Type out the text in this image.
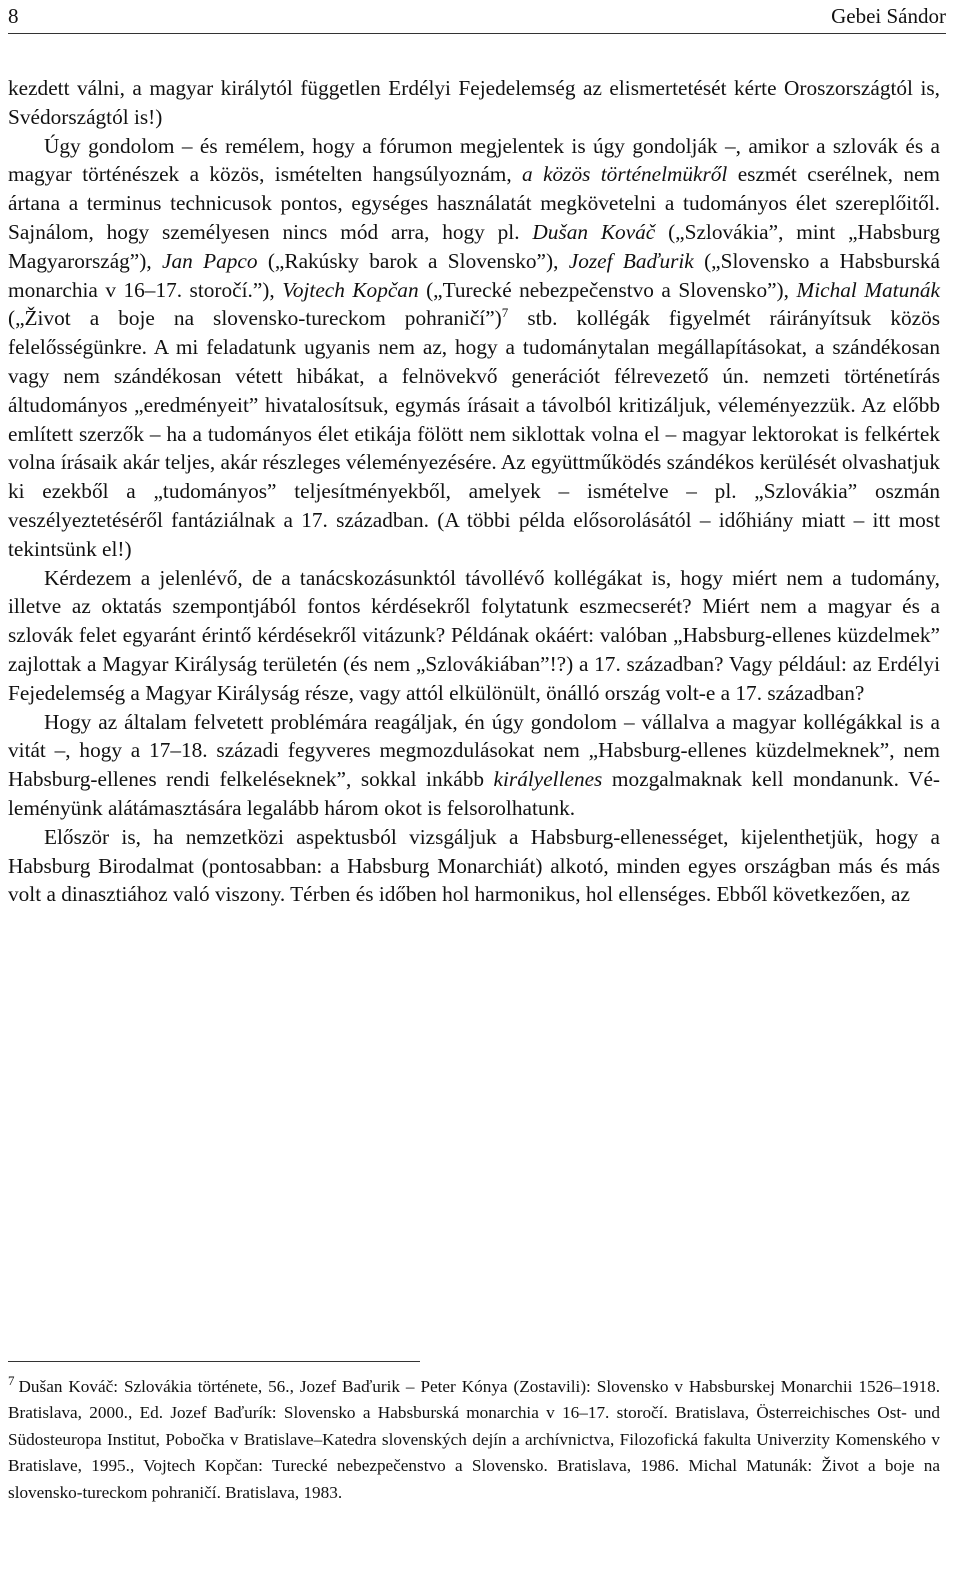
8	Gebei Sándor

kezdett válni, a magyar királytól független Erdélyi Fejedelemség az elismertetését kérte Oroszországtól is, Svédországtól is!)

Úgy gondolom – és remélem, hogy a fórumon megjelentek is úgy gondolják –, amikor a szlovák és a magyar történészek a közös, ismételten hangsúlyoznám, a közös történelmükről eszmét cserélnek, nem ártana a terminus technicusok pontos, egységes használatát megkövetelni a tudományos élet szereplőitől. Sajnálom, hogy személyesen nincs mód arra, hogy pl. Dušan Kováč („Szlovákia”, mint „Habsburg Magyarország”), Jan Papco („Rakúsky barok a Slovensko”), Jozef Baďurik („Slovensko a Habsburská monarchia v 16–17. storočí.”), Vojtech Kopčan („Turecké nebezpečenstvo a Slovensko”), Michal Matunák („Život a boje na slovensko-tureckom pohraničí”)$^7$ stb. kollégák figyelmét ráirányítsuk közös felelősségünkre. A mi feladatunk ugyanis nem az, hogy a tudománytalan megállapításokat, a szándékosan vagy nem szándékosan vétett hibákat, a felnövekvő generációt félrevezető ún. nemzeti történetírás áltudományos „eredményeit” hivatalosítsuk, egymás írásait a távolból kritizáljuk, véleményezzük. Az előbb említett szerzők – ha a tudományos élet etikája fölött nem siklottak volna el – magyar lektorokat is felkértek volna írásaik akár teljes, akár részleges véleményezésére. Az együttműködés szándékos kerülését olvashatjuk ki ezekből a „tudományos” teljesítményekből, amelyek – ismételve – pl. „Szlovákia” oszmán veszélyeztetéséről fantáziálnak a 17. században. (A többi példa elősorolásától – időhiány miatt – itt most tekintsünk el!)

Kérdezem a jelenlévő, de a tanácskozásunktól távollévő kollégákat is, hogy miért nem a tudomány, illetve az oktatás szempontjából fontos kérdésekről folytatunk eszmecserét? Miért nem a magyar és a szlovák felet egyaránt érintő kérdésekről vitázunk? Példának okáért: valóban „Habsburg-ellenes küzdelmek” zajlottak a Magyar Királyság területén (és nem „Szlovákiában”!?) a 17. században? Vagy például: az Erdélyi Fejedelemség a Magyar Királyság része, vagy attól elkülönült, önálló ország volt-e a 17. században?

Hogy az általam felvetett problémára reagáljak, én úgy gondolom – vállalva a magyar kollégákkal is a vitát –, hogy a 17–18. századi fegyveres megmozdulásokat nem „Habsburg-ellenes küzdelmeknek”, nem Habsburg-ellenes rendi felkeléseknek”, sokkal inkább királyellenes mozgalmaknak kell mondanunk. Véleményünk alátámasztására legalább három okot is felsorolhatunk.

Először is, ha nemzetközi aspektusból vizsgáljuk a Habsburg-ellenességet, kijelenthetjük, hogy a Habsburg Birodalmat (pontosabban: a Habsburg Monarchiát) alkotó, minden egyes országban más és más volt a dinasztiához való viszony. Térben és időben hol harmonikus, hol ellenséges. Ebből következően, az

$^7$ Dušan Kováč: Szlovákia története, 56., Jozef Baďurik – Peter Kónya (Zostavili): Slovensko v Habsburskej Monarchii 1526–1918. Bratislava, 2000., Ed. Jozef Baďurík: Slovensko a Habsburská monarchia v 16–17. storočí. Bratislava, Österreichisches Ost- und Südosteuropa Institut, Pobočka v Bratislave–Katedra slovenských dejín a archívnictva, Filozofická fakulta Univerzity Komenského v Bratislave, 1995., Vojtech Kopčan: Turecké nebezpečenstvo a Slovensko. Bratislava, 1986. Michal Matunák: Život a boje na slovensko-tureckom pohraničí. Bratislava, 1983.
